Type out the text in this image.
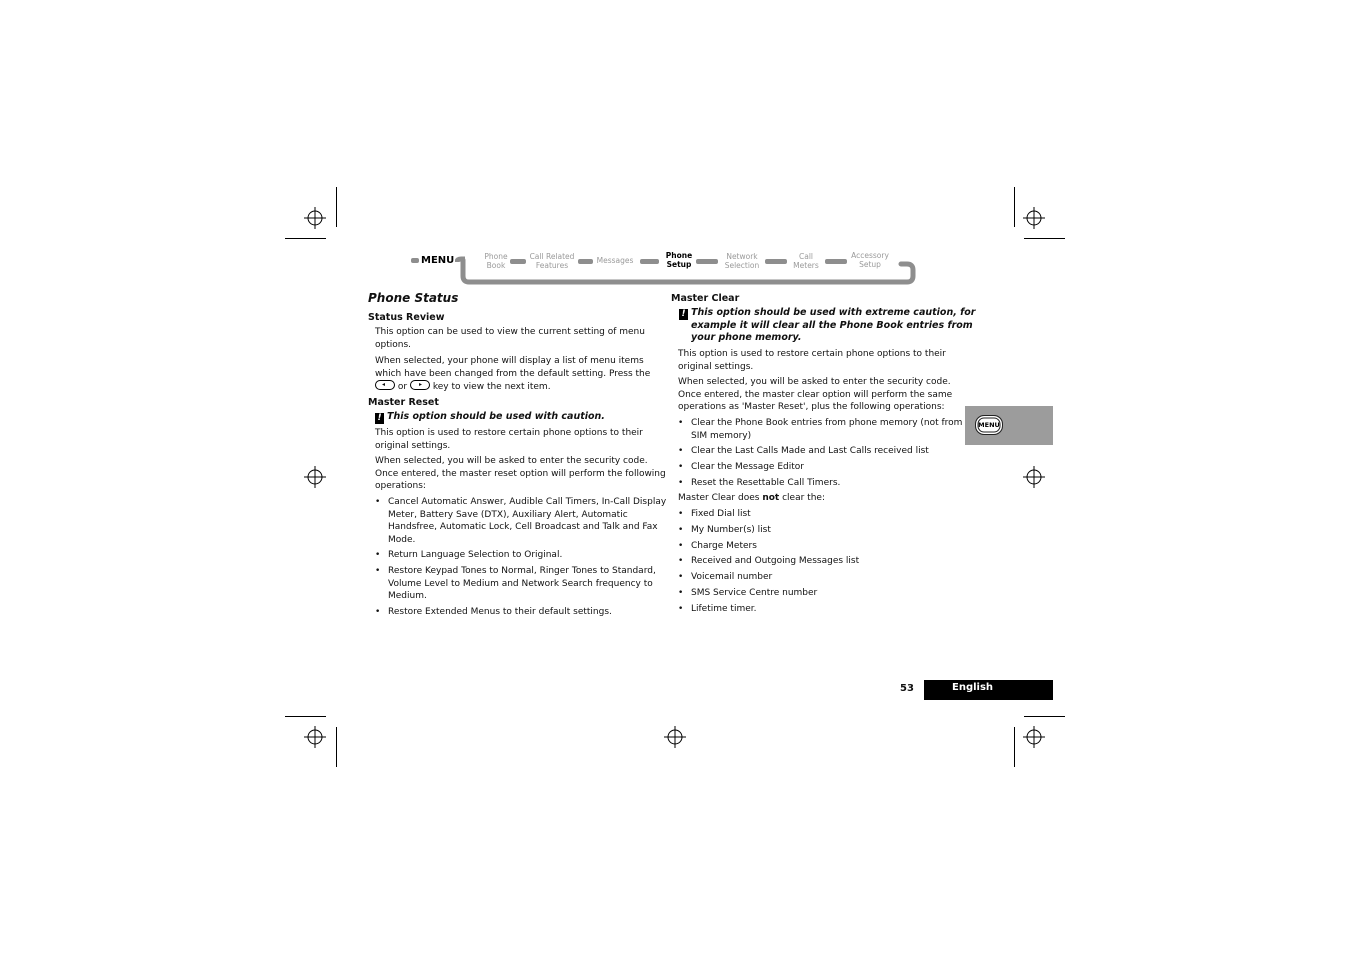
MENU	Phone
Book
Call Related
Features
Messages
Phone
Setup
Network
Selection
Call
Meters
Accessory
Setup
Phone Status
Status Review
This option can be used to view the current setting of menu
options.
When selected, your phone will display a list of menu items
which have been changed from the default setting. Press the
◂ or ▸ key to view the next item.
Master Reset
! This option should be used with caution.
This option is used to restore certain phone options to their
original settings.
When selected, you will be asked to enter the security code.
Once entered, the master reset option will perform the following
operations:
• Cancel Automatic Answer, Audible Call Timers, In-Call Display
Meter, Battery Save (DTX), Auxiliary Alert, Automatic
Handsfree, Automatic Lock, Cell Broadcast and Talk and Fax
Mode.
• Return Language Selection to Original.
• Restore Keypad Tones to Normal, Ringer Tones to Standard,
Volume Level to Medium and Network Search frequency to
Medium.
• Restore Extended Menus to their default settings.
Master Clear
! This option should be used with extreme caution, for
example it will clear all the Phone Book entries from
your phone memory.
This option is used to restore certain phone options to their
original settings.
When selected, you will be asked to enter the security code.
Once entered, the master clear option will perform the same
operations as 'Master Reset', plus the following operations:
• Clear the Phone Book entries from phone memory (not from
SIM memory)
• Clear the Last Calls Made and Last Calls received list
• Clear the Message Editor
• Reset the Resettable Call Timers.
Master Clear does not clear the:
• Fixed Dial list
• My Number(s) list
• Charge Meters
• Received and Outgoing Messages list
• Voicemail number
• SMS Service Centre number
• Lifetime timer.
MENU
53	English
